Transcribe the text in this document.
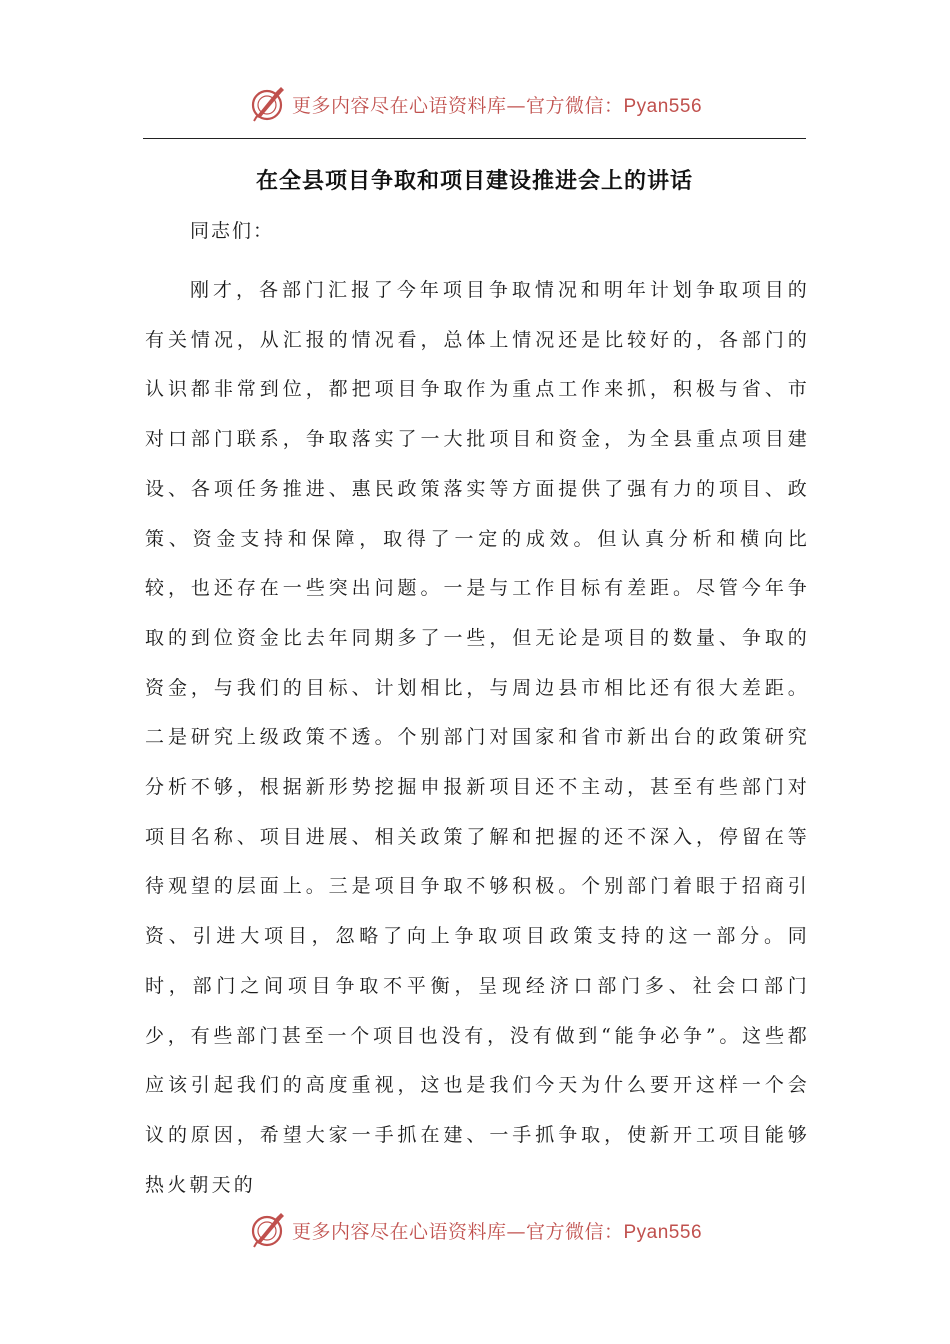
更多内容尽在心语资料库—官方微信：Pyan556
在全县项目争取和项目建设推进会上的讲话
同志们：

刚才，各部门汇报了今年项目争取情况和明年计划争取项目的有关情况，从汇报的情况看，总体上情况还是比较好的，各部门的认识都非常到位，都把项目争取作为重点工作来抓，积极与省、市对口部门联系，争取落实了一大批项目和资金，为全县重点项目建设、各项任务推进、惠民政策落实等方面提供了强有力的项目、政策、资金支持和保障，取得了一定的成效。但认真分析和横向比较，也还存在一些突出问题。一是与工作目标有差距。尽管今年争取的到位资金比去年同期多了一些，但无论是项目的数量、争取的资金，与我们的目标、计划相比，与周边县市相比还有很大差距。二是研究上级政策不透。个别部门对国家和省市新出台的政策研究分析不够，根据新形势挖掘申报新项目还不主动，甚至有些部门对项目名称、项目进展、相关政策了解和把握的还不深入，停留在等待观望的层面上。三是项目争取不够积极。个别部门着眼于招商引资、引进大项目，忽略了向上争取项目政策支持的这一部分。同时，部门之间项目争取不平衡，呈现经济口部门多、社会口部门少，有些部门甚至一个项目也没有，没有做到“能争必争”。这些都应该引起我们的高度重视，这也是我们今天为什么要开这样一个会议的原因，希望大家一手抓在建、一手抓争取，使新开工项目能够热火朝天的

更多内容尽在心语资料库—官方微信：Pyan556
